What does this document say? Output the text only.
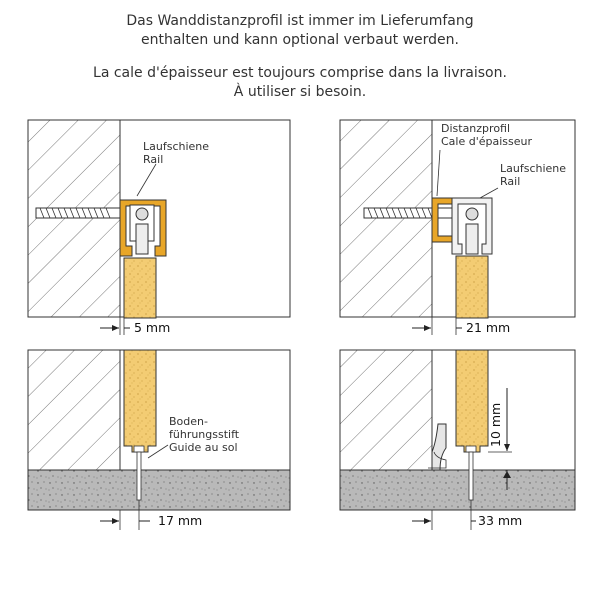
Das Wanddistanzprofil ist immer im Lieferumfang
enthalten und kann optional verbaut werden.
La cale d'épaisseur est toujours comprise dans la livraison.
À utiliser si besoin.
Laufschiene
Rail
5 mm
Distanzprofil
Cale d'épaisseur
Laufschiene
Rail
21 mm
Boden-
führungsstift
Guide au sol
17 mm
10 mm
33 mm
